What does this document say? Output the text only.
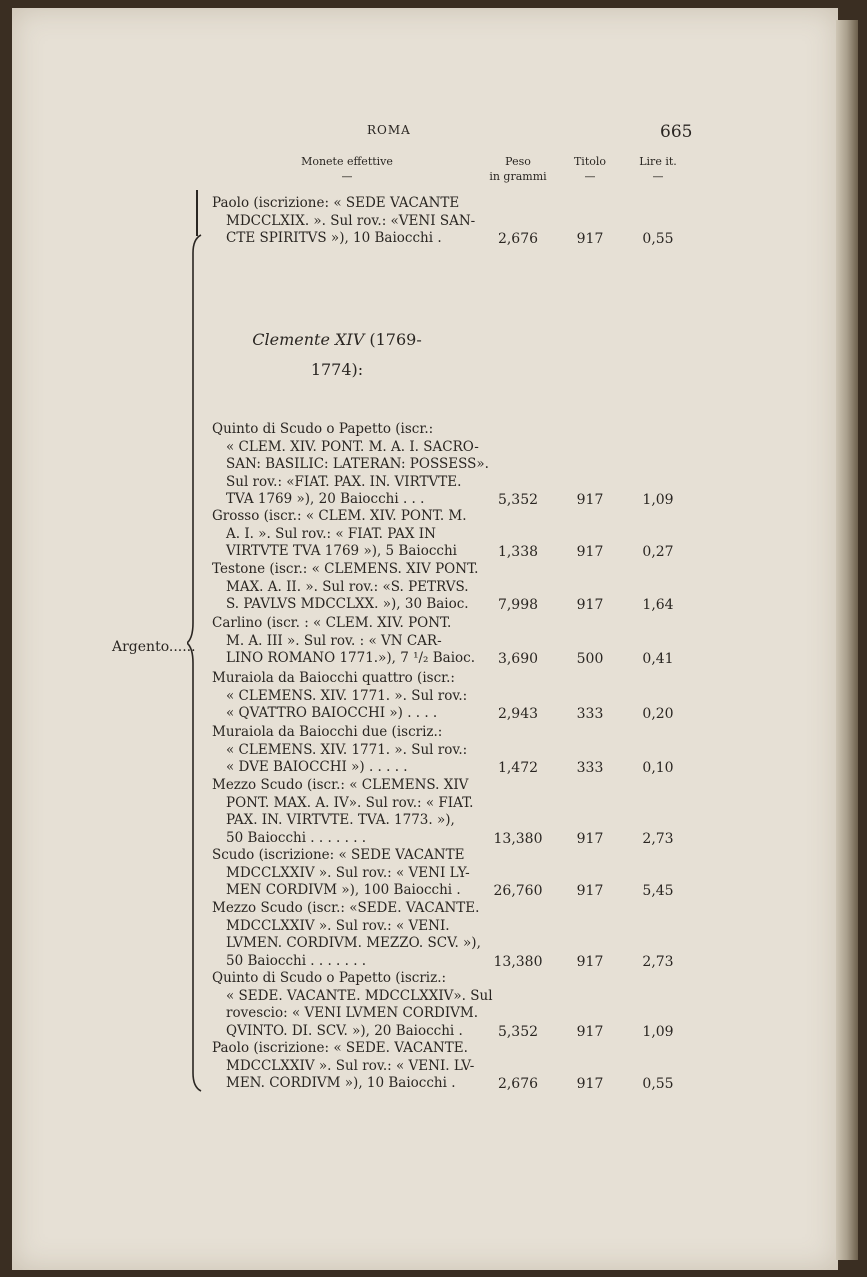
ROMA	665
Monete effettive
—
Peso
in grammi
Titolo
—
Lire it.
—
Argento......
Clemente XIV (1769-
1774):
Paolo (iscrizione: « SEDE VACANTE
MDCCLXIX. ». Sul rov.: «VENI SAN-
CTE SPIRITVS »), 10 Baiocchi .	2,676	917	0,55
Quinto di Scudo o Papetto (iscr.:
« CLEM. XIV. PONT. M. A. I. SACRO-
SAN: BASILIC: LATERAN: POSSESS».
Sul rov.: «FIAT. PAX. IN. VIRTVTE.
TVA 1769 »), 20 Baiocchi . . .	5,352	917	1,09
Grosso (iscr.: « CLEM. XIV. PONT. M.
A. I. ». Sul rov.: « FIAT. PAX IN
VIRTVTE TVA 1769 »), 5 Baiocchi	1,338	917	0,27
Testone (iscr.: « CLEMENS. XIV PONT.
MAX. A. II. ». Sul rov.: «S. PETRVS.
S. PAVLVS MDCCLXX. »), 30 Baioc.	7,998	917	1,64
Carlino (iscr. : « CLEM. XIV. PONT.
M. A. III ». Sul rov. : « VN CAR-
LINO ROMANO 1771.»), 7 ¹/₂ Baioc.	3,690	500	0,41
Muraiola da Baiocchi quattro (iscr.:
« CLEMENS. XIV. 1771. ». Sul rov.:
« QVATTRO BAIOCCHI ») . . . .	2,943	333	0,20
Muraiola da Baiocchi due (iscriz.:
« CLEMENS. XIV. 1771. ». Sul rov.:
« DVE BAIOCCHI ») . . . . .	1,472	333	0,10
Mezzo Scudo (iscr.: « CLEMENS. XIV
PONT. MAX. A. IV». Sul rov.: « FIAT.
PAX. IN. VIRTVTE. TVA. 1773. »),
50 Baiocchi . . . . . . .	13,380	917	2,73
Scudo (iscrizione: « SEDE VACANTE
MDCCLXXIV ». Sul rov.: « VENI LY-
MEN CORDIVM »), 100 Baiocchi .	26,760	917	5,45
Mezzo Scudo (iscr.: «SEDE. VACANTE.
MDCCLXXIV ». Sul rov.: « VENI.
LVMEN. CORDIVM. MEZZO. SCV. »),
50 Baiocchi . . . . . . .	13,380	917	2,73
Quinto di Scudo o Papetto (iscriz.:
« SEDE. VACANTE. MDCCLXXIV». Sul
rovescio: « VENI LVMEN CORDIVM.
QVINTO. DI. SCV. »), 20 Baiocchi .	5,352	917	1,09
Paolo (iscrizione: « SEDE. VACANTE.
MDCCLXXIV ». Sul rov.: « VENI. LV-
MEN. CORDIVM »), 10 Baiocchi .	2,676	917	0,55
